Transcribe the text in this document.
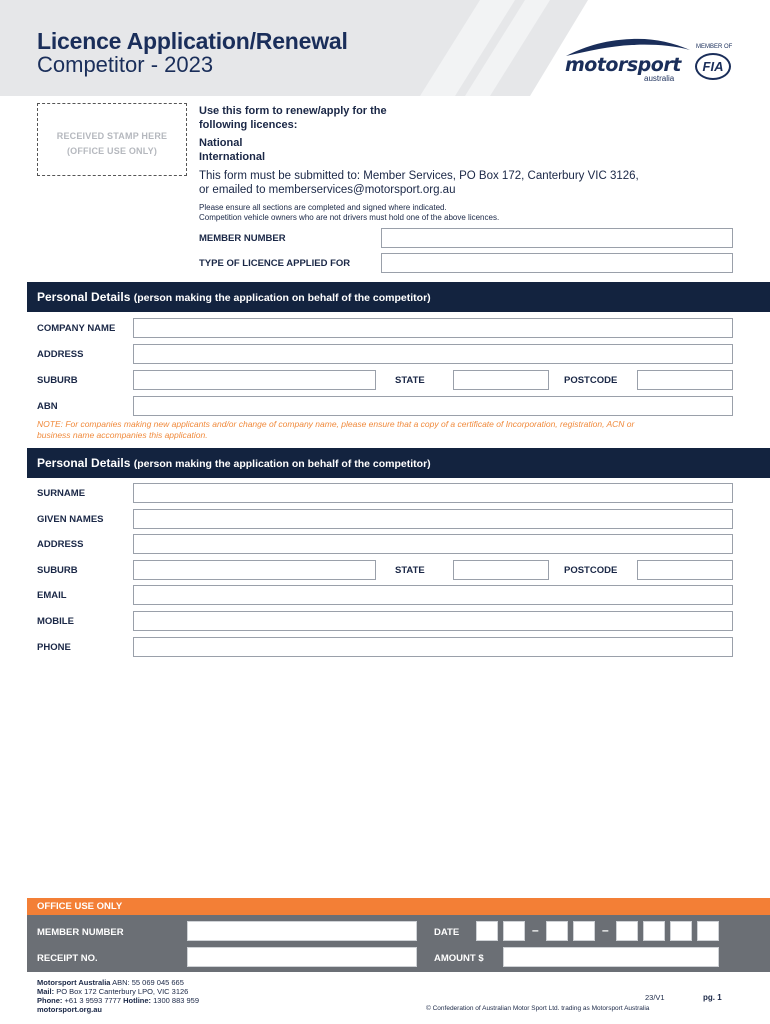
Licence Application/Renewal
Competitor - 2023	motorsport
australia
MEMBER OF
FIA
RECEIVED STAMP HERE
(OFFICE USE ONLY)
Use this form to renew/apply for the
following licences:
National
International
This form must be submitted to: Member Services, PO Box 172, Canterbury VIC 3126,
or emailed to memberservices@motorsport.org.au
Please ensure all sections are completed and signed where indicated.
Competition vehicle owners who are not drivers must hold one of the above licences.
MEMBER NUMBER
TYPE OF LICENCE APPLIED FOR
Personal Details (person making the application on behalf of the competitor)
COMPANY NAME
ADDRESS
SUBURB	STATE	POSTCODE
ABN
NOTE: For companies making new applicants and/or change of company name, please ensure that a copy of a certificate of Incorporation, registration, ACN or
business name accompanies this application.
Personal Details (person making the application on behalf of the competitor)
SURNAME
GIVEN NAMES
ADDRESS
SUBURB	STATE	POSTCODE
EMAIL
MOBILE
PHONE
OFFICE USE ONLY
MEMBER NUMBER	DATE	–	–
RECEIPT NO.	AMOUNT $
Motorsport Australia ABN: 55 069 045 665
Mail: PO Box 172 Canterbury LPO, VIC 3126
Phone: +61 3 9593 7777 Hotline: 1300 883 959
motorsport.org.au
23/V1	pg. 1
© Confederation of Australian Motor Sport Ltd. trading as Motorsport Australia
